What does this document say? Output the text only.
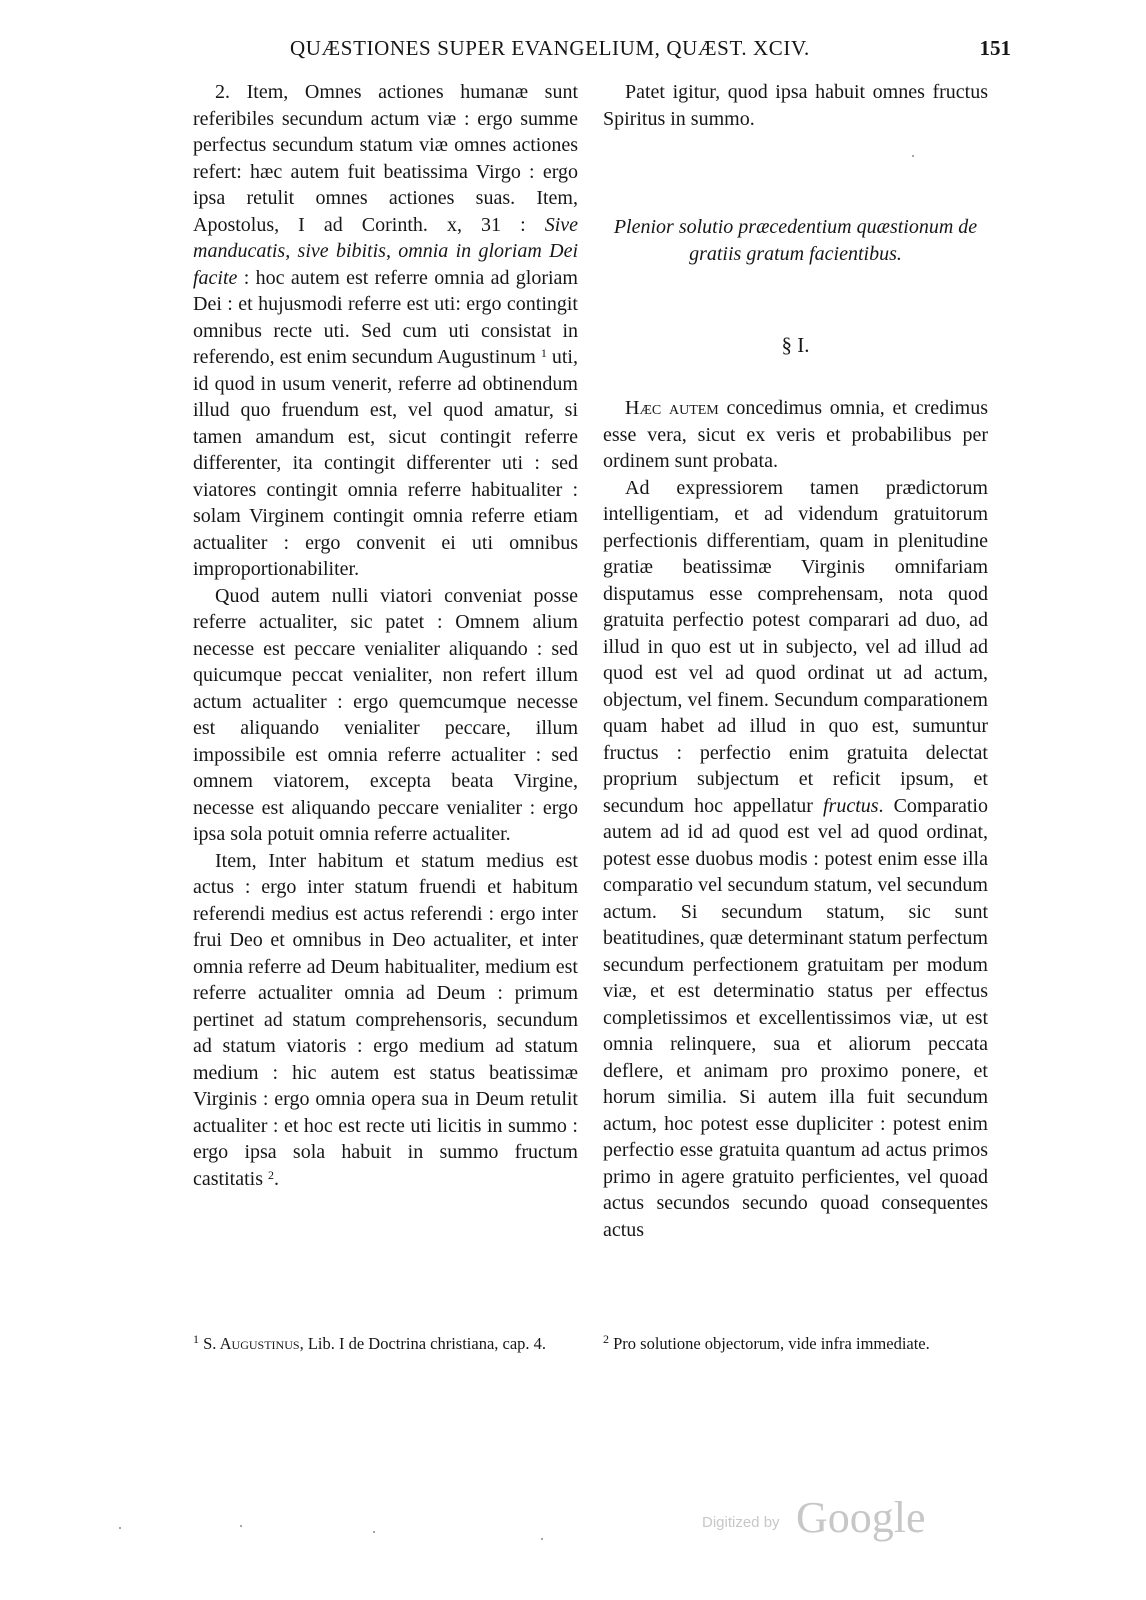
QUÆSTIONES SUPER EVANGELIUM, QUÆST. XCIV.	151

2. Item, Omnes actiones humanæ sunt referibiles secundum actum viæ : ergo summe perfectus secundum statum viæ omnes actiones refert: hæc autem fuit beatissima Virgo : ergo ipsa retulit omnes actiones suas. Item, Apostolus, I ad Corinth. x, 31 : Sive manducatis, sive bibitis, omnia in gloriam Dei facite : hoc autem est referre omnia ad gloriam Dei : et hujusmodi referre est uti: ergo contingit omnibus recte uti. Sed cum uti consistat in referendo, est enim secundum Augustinum $^1$ uti, id quod in usum venerit, referre ad obtinendum illud quo fruendum est, vel quod amatur, si tamen amandum est, sicut contingit referre differenter, ita contingit differenter uti : sed viatores contingit omnia referre habitualiter : solam Virginem contingit omnia referre etiam actualiter : ergo convenit ei uti omnibus improportionabiliter.

Quod autem nulli viatori conveniat posse referre actualiter, sic patet : Omnem alium necesse est peccare venialiter aliquando : sed quicumque peccat venialiter, non refert illum actum actualiter : ergo quemcumque necesse est aliquando venialiter peccare, illum impossibile est omnia referre actualiter : sed omnem viatorem, excepta beata Virgine, necesse est aliquando peccare venialiter : ergo ipsa sola potuit omnia referre actualiter.

Item, Inter habitum et statum medius est actus : ergo inter statum fruendi et habitum referendi medius est actus referendi : ergo inter frui Deo et omnibus in Deo actualiter, et inter omnia referre ad Deum habitualiter, medium est referre actualiter omnia ad Deum : primum pertinet ad statum comprehensoris, secundum ad statum viatoris : ergo medium ad statum medium : hic autem est status beatissimæ Virginis : ergo omnia opera sua in Deum retulit actualiter : et hoc est recte uti licitis in summo : ergo ipsa sola habuit in summo fructum castitatis $^2$.

Patet igitur, quod ipsa habuit omnes fructus Spiritus in summo.

Plenior solutio præcedentium quæstionum de gratiis gratum facientibus.
§ I.

Hæc autem concedimus omnia, et credimus esse vera, sicut ex veris et probabilibus per ordinem sunt probata.

Ad expressiorem tamen prædictorum intelligentiam, et ad videndum gratuitorum perfectionis differentiam, quam in plenitudine gratiæ beatissimæ Virginis omnifariam disputamus esse comprehensam, nota quod gratuita perfectio potest comparari ad duo, ad illud in quo est ut in subjecto, vel ad illud ad quod est vel ad quod ordinat ut ad actum, objectum, vel finem. Secundum comparationem quam habet ad illud in quo est, sumuntur fructus : perfectio enim gratuita delectat proprium subjectum et reficit ipsum, et secundum hoc appellatur fructus. Comparatio autem ad id ad quod est vel ad quod ordinat, potest esse duobus modis : potest enim esse illa comparatio vel secundum statum, vel secundum actum. Si secundum statum, sic sunt beatitudines, quæ determinant statum perfectum secundum perfectionem gratuitam per modum viæ, et est determinatio status per effectus completissimos et excellentissimos viæ, ut est omnia relinquere, sua et aliorum peccata deflere, et animam pro proximo ponere, et horum similia. Si autem illa fuit secundum actum, hoc potest esse dupliciter : potest enim perfectio esse gratuita quantum ad actus primos primo in agere gratuito perficientes, vel quoad actus secundos secundo quoad consequentes actus

$^1$ S. Augustinus, Lib. I de Doctrina christiana, cap. 4.	$^2$ Pro solutione objectorum, vide infra immediate.
Digitized by Google
